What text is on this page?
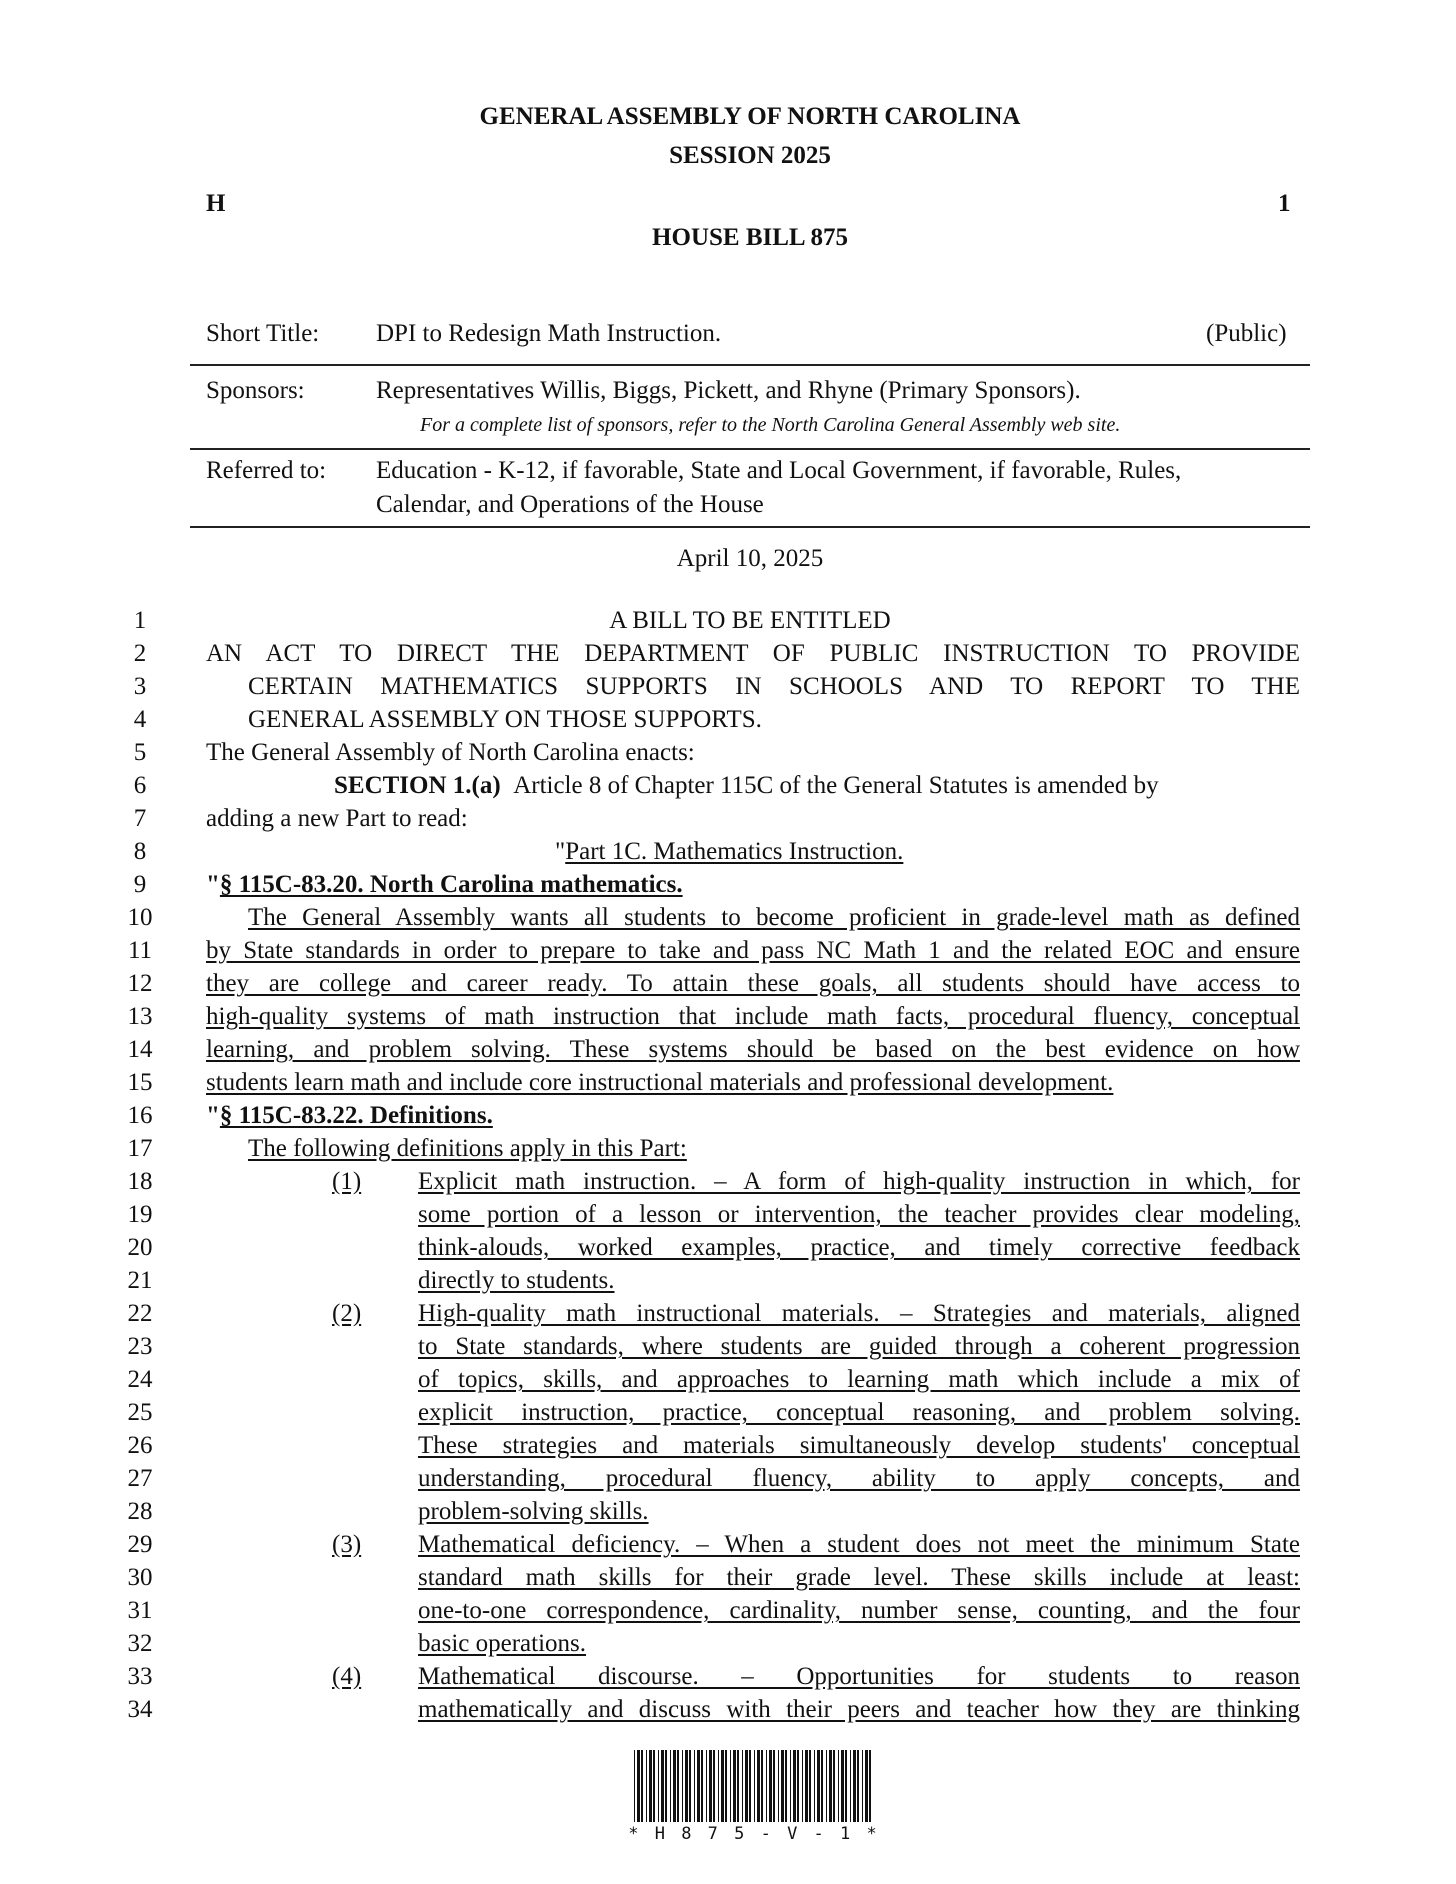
GENERAL ASSEMBLY OF NORTH CAROLINA
SESSION 2025
H	1
HOUSE BILL 875
Short Title: DPI to Redesign Math Instruction.	(Public)
Sponsors:	Representatives Willis, Biggs, Pickett, and Rhyne (Primary Sponsors).
For a complete list of sponsors, refer to the North Carolina General Assembly web site.
Referred to: Education - K-12, if favorable, State and Local Government, if favorable, Rules,
Calendar, and Operations of the House
April 10, 2025
1
2
3
4
5
6
7
8
9
10
11
12
13
14
15
16
17
18
19
20
21
22
23
24
25
26
27
28
29
30
31
32
33
34
A BILL TO BE ENTITLED
AN ACT TO DIRECT THE DEPARTMENT OF PUBLIC INSTRUCTION TO PROVIDE
CERTAIN MATHEMATICS SUPPORTS IN SCHOOLS AND TO REPORT TO THE
GENERAL ASSEMBLY ON THOSE SUPPORTS.
The General Assembly of North Carolina enacts:
SECTION 1.(a) Article 8 of Chapter 115C of the General Statutes is amended by
adding a new Part to read:
"Part 1C. Mathematics Instruction.
"§ 115C-83.20. North Carolina mathematics.
The General Assembly wants all students to become proficient in grade-level math as defined
by State standards in order to prepare to take and pass NC Math 1 and the related EOC and ensure
they are college and career ready. To attain these goals, all students should have access to
high-quality systems of math instruction that include math facts, procedural fluency, conceptual
learning, and problem solving. These systems should be based on the best evidence on how
students learn math and include core instructional materials and professional development.
"§ 115C-83.22. Definitions.
The following definitions apply in this Part:
(1) Explicit math instruction. – A form of high-quality instruction in which, for
some portion of a lesson or intervention, the teacher provides clear modeling,
think-alouds, worked examples, practice, and timely corrective feedback
directly to students.
(2) High-quality math instructional materials. – Strategies and materials, aligned
to State standards, where students are guided through a coherent progression
of topics, skills, and approaches to learning math which include a mix of
explicit instruction, practice, conceptual reasoning, and problem solving.
These strategies and materials simultaneously develop students' conceptual
understanding, procedural fluency, ability to apply concepts, and
problem-solving skills.
(3) Mathematical deficiency. – When a student does not meet the minimum State
standard math skills for their grade level. These skills include at least:
one-to-one correspondence, cardinality, number sense, counting, and the four
basic operations.
(4) Mathematical discourse. – Opportunities for students to reason
mathematically and discuss with their peers and teacher how they are thinking
* H 8 7 5 - V - 1 *
